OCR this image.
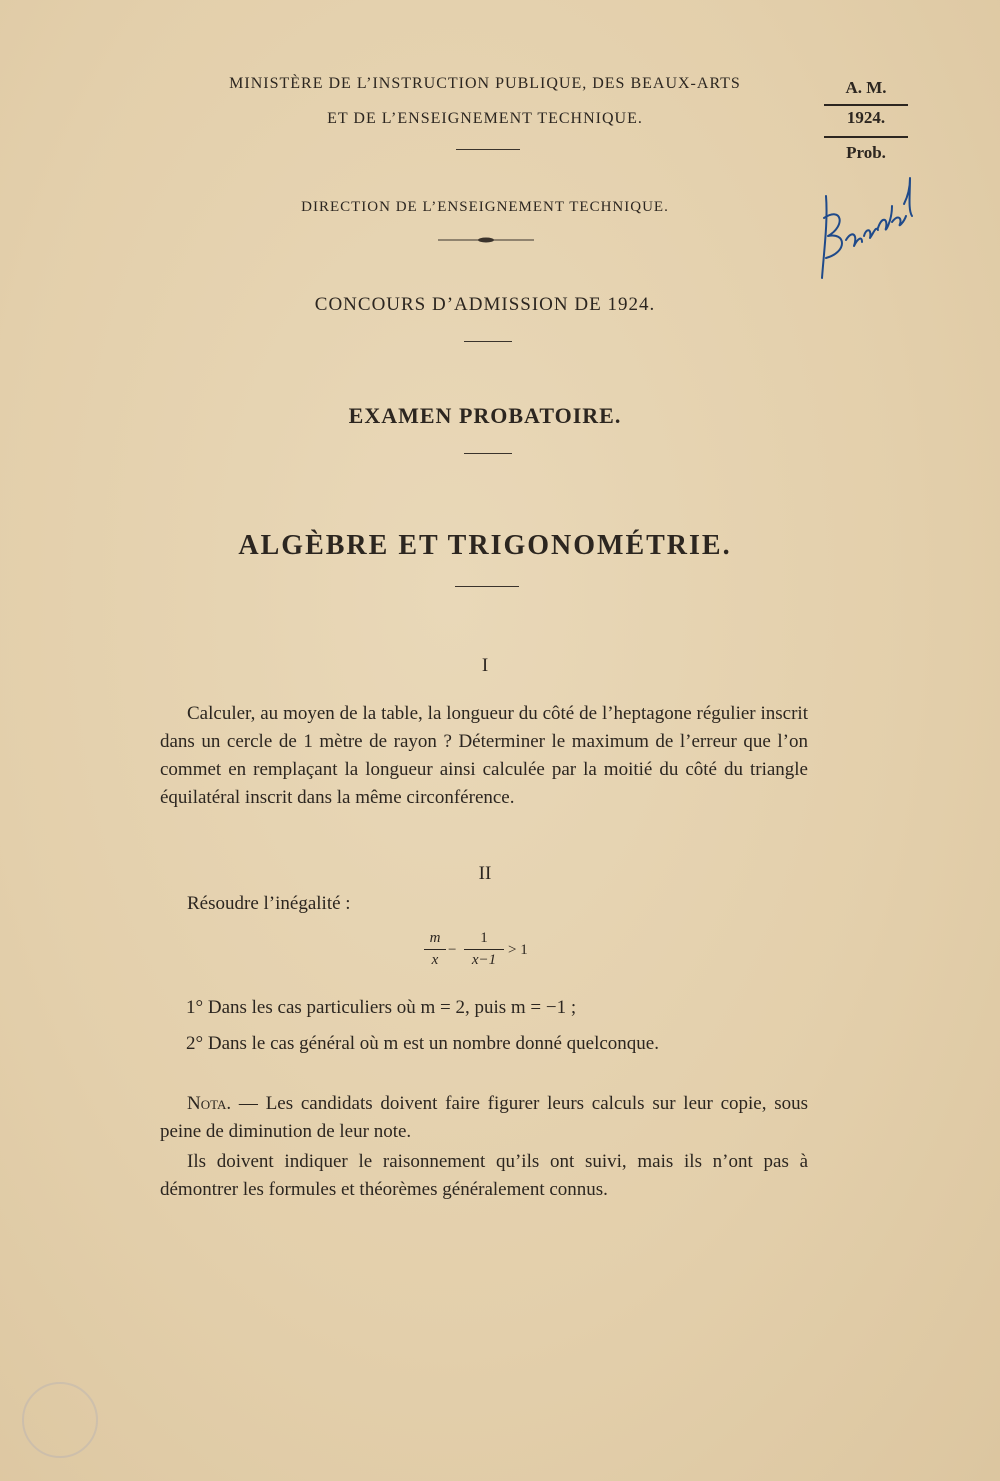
MINISTÈRE DE L’INSTRUCTION PUBLIQUE, DES BEAUX-ARTS
ET DE L’ENSEIGNEMENT TECHNIQUE.
DIRECTION DE L’ENSEIGNEMENT TECHNIQUE.
A. M.
1924.
Prob.
CONCOURS D’ADMISSION DE 1924.
EXAMEN PROBATOIRE.
ALGÈBRE ET TRIGONOMÉTRIE.
I
Calculer, au moyen de la table, la longueur du côté de l’heptagone régulier inscrit dans un cercle de 1 mètre de rayon ? Déterminer le maximum de l’erreur que l’on commet en remplaçant la longueur ainsi calculée par la moitié du côté du triangle équilatéral inscrit dans la même circonférence.
II
Résoudre l’inégalité :
m
x
−
1
x−1
> 1
1° Dans les cas particuliers où m = 2, puis m = −1 ;
2° Dans le cas général où m est un nombre donné quelconque.
Nota. — Les candidats doivent faire figurer leurs calculs sur leur copie, sous peine de diminution de leur note.
Ils doivent indiquer le raisonnement qu’ils ont suivi, mais ils n’ont pas à démontrer les formules et théorèmes généralement connus.
